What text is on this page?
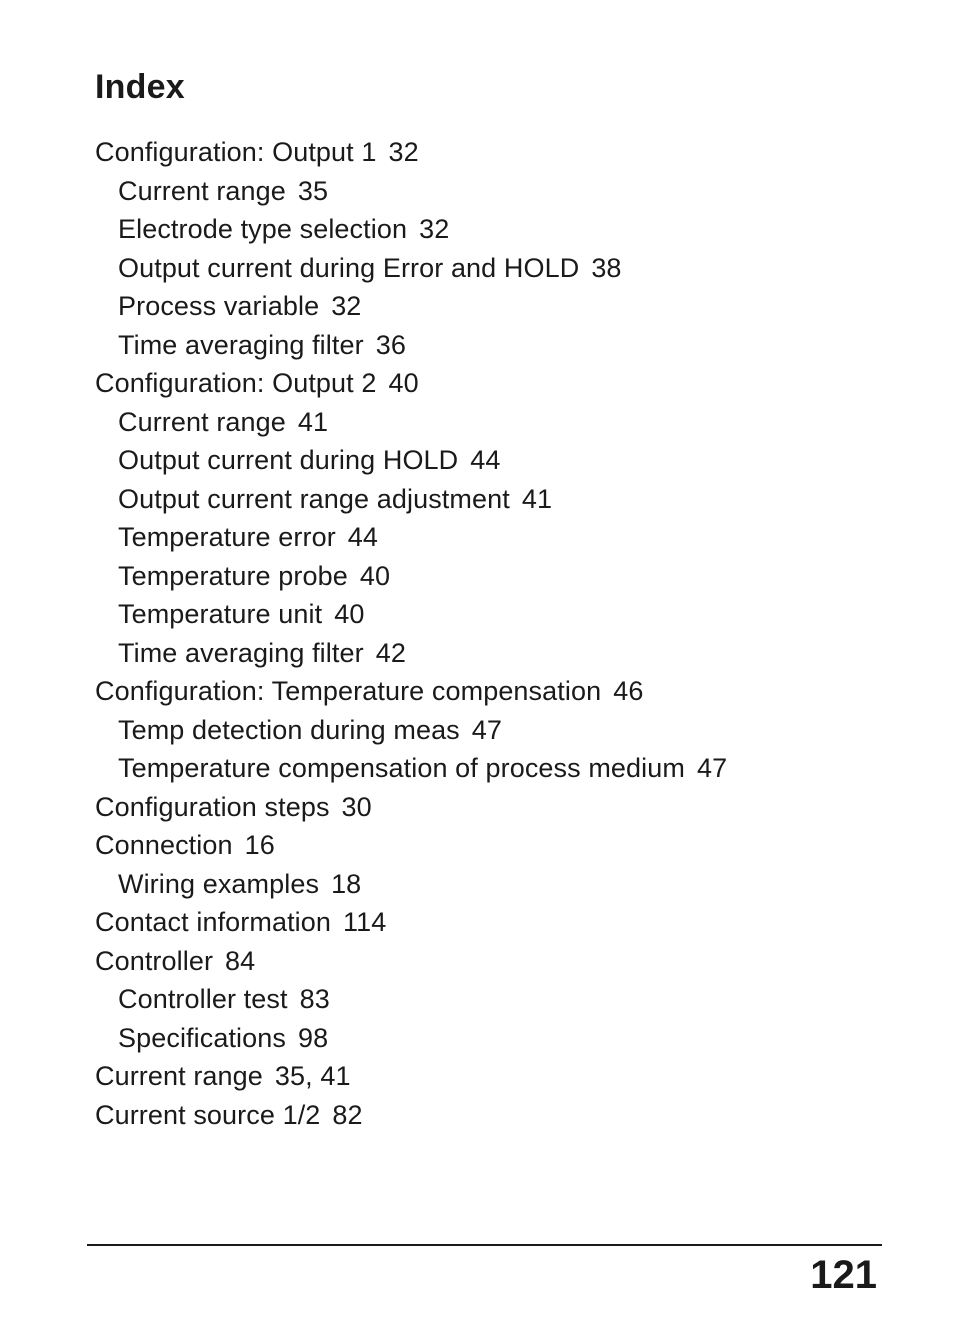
Index
Configuration: Output 1 32
Current range 35
Electrode type selection 32
Output current during Error and HOLD 38
Process variable 32
Time averaging filter 36
Configuration: Output 2 40
Current range 41
Output current during HOLD 44
Output current range adjustment 41
Temperature error 44
Temperature probe 40
Temperature unit 40
Time averaging filter 42
Configuration: Temperature compensation 46
Temp detection during meas 47
Temperature compensation of process medium 47
Configuration steps 30
Connection 16
Wiring examples 18
Contact information 114
Controller 84
Controller test 83
Specifications 98
Current range 35, 41
Current source 1/2 82
121
